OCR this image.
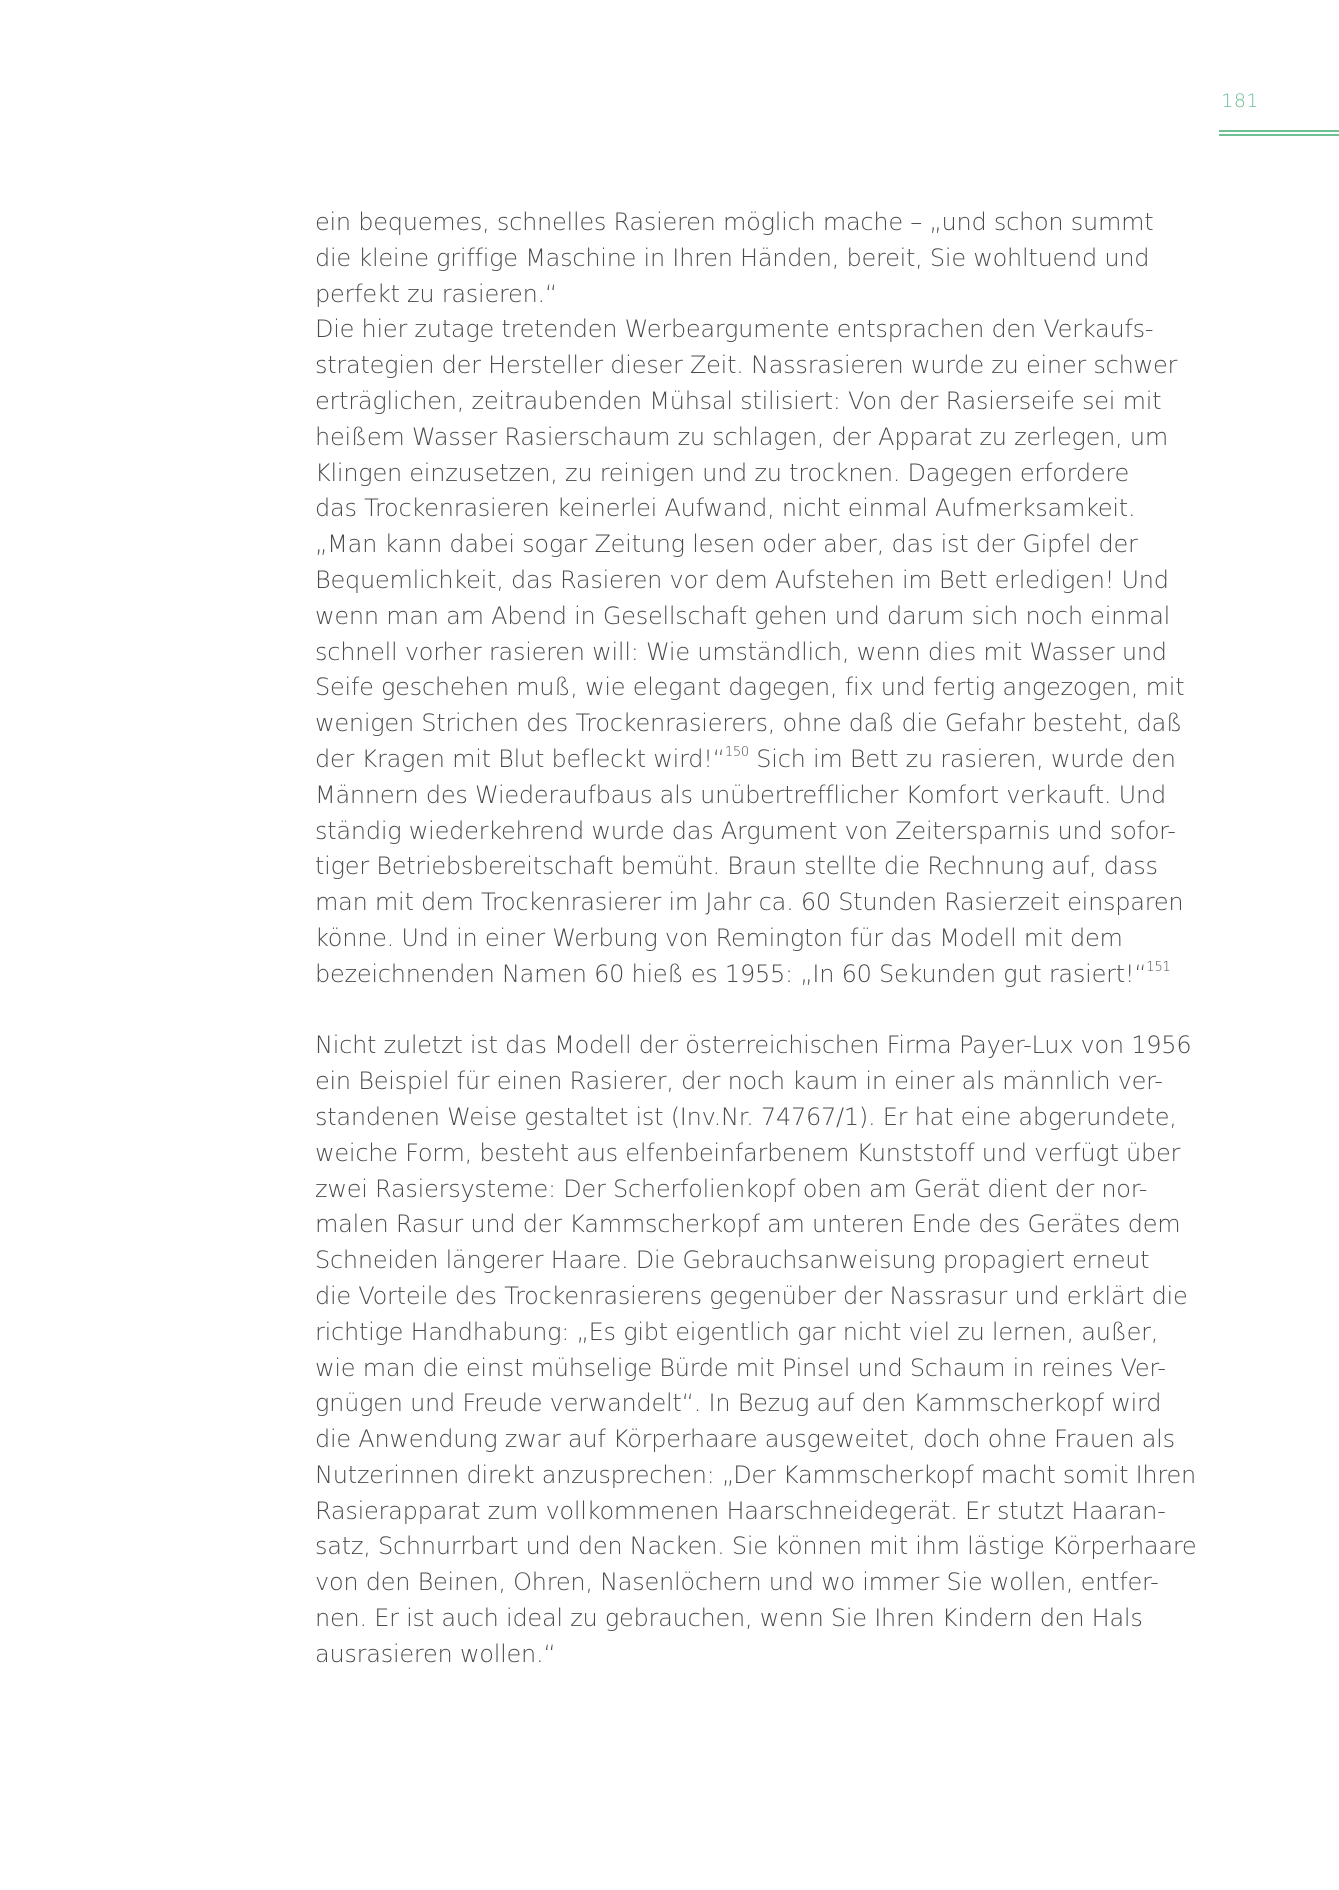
181
ein bequemes, schnelles Rasieren möglich mache – „und schon summt
die kleine griffige Maschine in Ihren Händen, bereit, Sie wohltuend und
perfekt zu rasieren.“
Die hier zutage tretenden Werbeargumente entsprachen den Verkaufs-
strategien der Hersteller dieser Zeit. Nassrasieren wurde zu einer schwer
erträglichen, zeitraubenden Mühsal stilisiert: Von der Rasierseife sei mit
heißem Wasser Rasierschaum zu schlagen, der Apparat zu zerlegen, um
Klingen einzusetzen, zu reinigen und zu trocknen. Dagegen erfordere
das Trockenrasieren keinerlei Aufwand, nicht einmal Aufmerksamkeit.
„Man kann dabei sogar Zeitung lesen oder aber, das ist der Gipfel der
Bequemlichkeit, das Rasieren vor dem Aufstehen im Bett erledigen! Und
wenn man am Abend in Gesellschaft gehen und darum sich noch einmal
schnell vorher rasieren will: Wie umständlich, wenn dies mit Wasser und
Seife geschehen muß, wie elegant dagegen, fix und fertig angezogen, mit
wenigen Strichen des Trockenrasierers, ohne daß die Gefahr besteht, daß
der Kragen mit Blut befleckt wird!“$^{150}$ Sich im Bett zu rasieren, wurde den
Männern des Wiederaufbaus als unübertrefflicher Komfort verkauft. Und
ständig wiederkehrend wurde das Argument von Zeitersparnis und sofor-
tiger Betriebsbereitschaft bemüht. Braun stellte die Rechnung auf, dass
man mit dem Trockenrasierer im Jahr ca. 60 Stunden Rasierzeit einsparen
könne. Und in einer Werbung von Remington für das Modell mit dem
bezeichnenden Namen 60 hieß es 1955: „In 60 Sekunden gut rasiert!“$^{151}$
Nicht zuletzt ist das Modell der österreichischen Firma Payer-Lux von 1956
ein Beispiel für einen Rasierer, der noch kaum in einer als männlich ver-
standenen Weise gestaltet ist (Inv.Nr. 74767/1). Er hat eine abgerundete,
weiche Form, besteht aus elfenbeinfarbenem Kunststoff und verfügt über
zwei Rasiersysteme: Der Scherfolienkopf oben am Gerät dient der nor-
malen Rasur und der Kammscherkopf am unteren Ende des Gerätes dem
Schneiden längerer Haare. Die Gebrauchsanweisung propagiert erneut
die Vorteile des Trockenrasierens gegenüber der Nassrasur und erklärt die
richtige Handhabung: „Es gibt eigentlich gar nicht viel zu lernen, außer,
wie man die einst mühselige Bürde mit Pinsel und Schaum in reines Ver-
gnügen und Freude verwandelt“. In Bezug auf den Kammscherkopf wird
die Anwendung zwar auf Körperhaare ausgeweitet, doch ohne Frauen als
Nutzerinnen direkt anzusprechen: „Der Kammscherkopf macht somit Ihren
Rasierapparat zum vollkommenen Haarschneidegerät. Er stutzt Haaran-
satz, Schnurrbart und den Nacken. Sie können mit ihm lästige Körperhaare
von den Beinen, Ohren, Nasenlöchern und wo immer Sie wollen, entfer-
nen. Er ist auch ideal zu gebrauchen, wenn Sie Ihren Kindern den Hals
ausrasieren wollen.“
